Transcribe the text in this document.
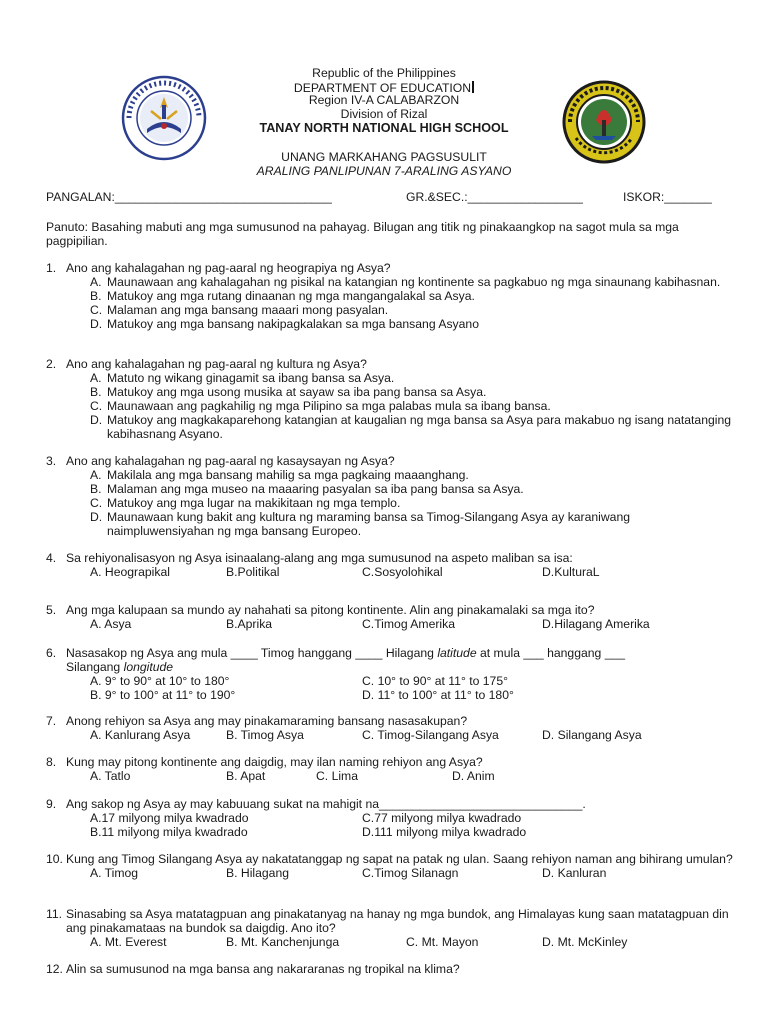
Republic of the Philippines
DEPARTMENT OF EDUCATION
Region IV-A CALABARZON
Division of Rizal
TANAY NORTH NATIONAL HIGH SCHOOL
UNANG MARKAHANG PAGSUSULIT
ARALING PANLIPUNAN 7-ARALING ASYANO
PANGALAN:________________________________	GR.&SEC.:_________________	ISKOR:_______
Panuto: Basahing mabuti ang mga sumusunod na pahayag. Bilugan ang titik ng pinakaangkop na sagot mula sa mga pagpipilian.
1. Ano ang kahalagahan ng pag-aaral ng heograpiya ng Asya?
A. Maunawaan ang kahalagahan ng pisikal na katangian ng kontinente sa pagkabuo ng mga sinaunang kabihasnan.
B. Matukoy ang mga rutang dinaanan ng mga mangangalakal sa Asya.
C. Malaman ang mga bansang maaari mong pasyalan.
D. Matukoy ang mga bansang nakipagkalakan sa mga bansang Asyano
2. Ano ang kahalagahan ng pag-aaral ng kultura ng Asya?
A. Matuto ng wikang ginagamit sa ibang bansa sa Asya.
B. Matukoy ang mga usong musika at sayaw sa iba pang bansa sa Asya.
C. Maunawaan ang pagkahilig ng mga Pilipino sa mga palabas mula sa ibang bansa.
D. Matukoy ang magkakaparehong katangian at kaugalian ng mga bansa sa Asya para makabuo ng isang natatanging kabihasnang Asyano.
3. Ano ang kahalagahan ng pag-aaral ng kasaysayan ng Asya?
A. Makilala ang mga bansang mahilig sa mga pagkaing maaanghang.
B. Malaman ang mga museo na maaaring pasyalan sa iba pang bansa sa Asya.
C. Matukoy ang mga lugar na makikitaan ng mga templo.
D. Maunawaan kung bakit ang kultura ng maraming bansa sa Timog-Silangang Asya ay karaniwang naimpluwensiyahan ng mga bansang Europeo.
4. Sa rehiyonalisasyon ng Asya isinaalang-alang ang mga sumusunod na aspeto maliban sa isa:
A. Heograpikal	B.Politikal	C.Sosyolohikal	D.KulturaL
5. Ang mga kalupaan sa mundo ay nahahati sa pitong kontinente. Alin ang pinakamalaki sa mga ito?
A. Asya	B.Aprika	C.Timog Amerika	D.Hilagang Amerika
6. Nasasakop ng Asya ang mula ____ Timog hanggang ____ Hilagang latitude at mula ___ hanggang ___
Silangang longitude
A. 9° to 90° at 10° to 180°	C. 10° to 90° at 11° to 175°
B. 9° to 100° at 11° to 190°	D. 11° to 100° at 11° to 180°
7. Anong rehiyon sa Asya ang may pinakamaraming bansang nasasakupan?
A. Kanlurang Asya	B. Timog Asya	C. Timog-Silangang Asya	D. Silangang Asya
8. Kung may pitong kontinente ang daigdig, may ilan naming rehiyon ang Asya?
A. Tatlo	B. Apat	C. Lima	D. Anim
9. Ang sakop ng Asya ay may kabuuang sukat na mahigit na______________________________.
A.17 milyong milya kwadrado	C.77 milyong milya kwadrado
B.11 milyong milya kwadrado	D.111 milyong milya kwadrado
10. Kung ang Timog Silangang Asya ay nakatatanggap ng sapat na patak ng ulan. Saang rehiyon naman ang bihirang umulan?
A. Timog	B. Hilagang	C.Timog Silanagn	D. Kanluran
11. Sinasabing sa Asya matatagpuan ang pinakatanyag na hanay ng mga bundok, ang Himalayas kung saan matatagpuan din ang pinakamataas na bundok sa daigdig. Ano ito?
A. Mt. Everest	B. Mt. Kanchenjunga	C. Mt. Mayon	D. Mt. McKinley
12. Alin sa sumusunod na mga bansa ang nakararanas ng tropikal na klima?
